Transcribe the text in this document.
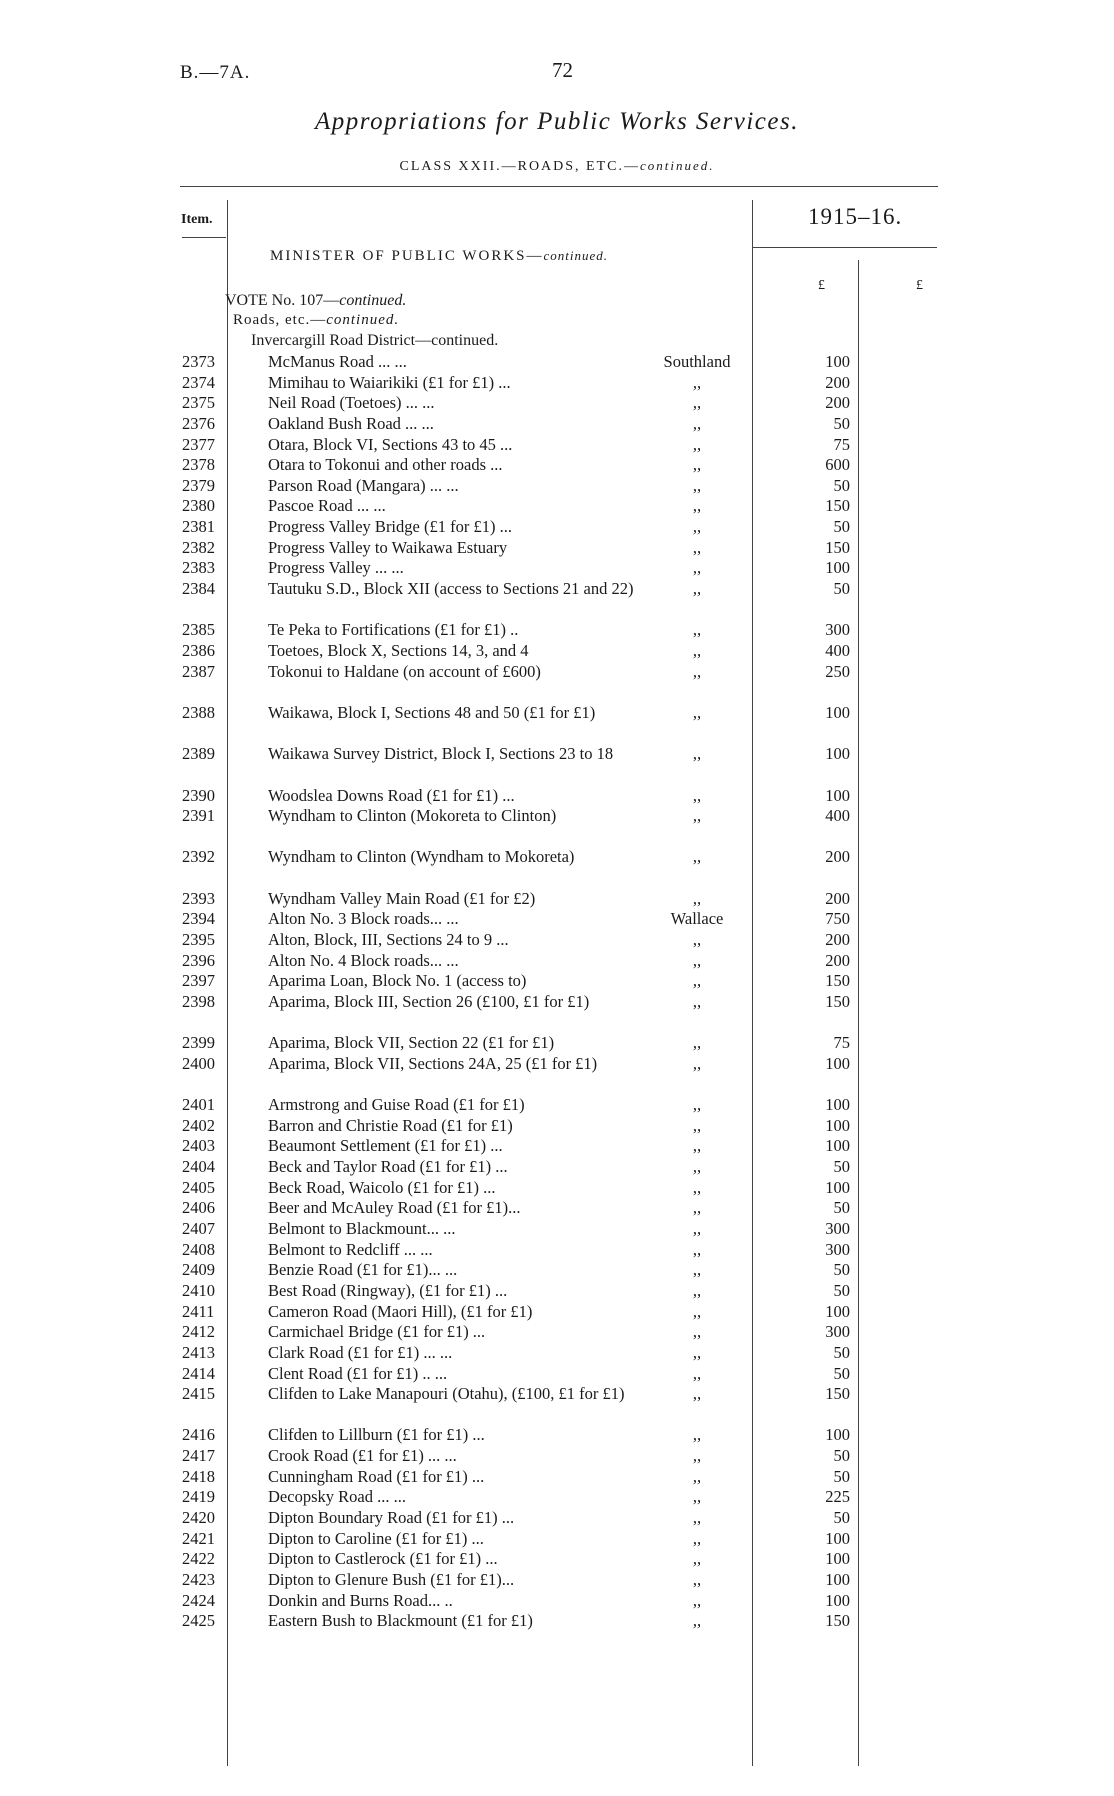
B.—7A.	72
Appropriations for Public Works Services.
CLASS XXII.—ROADS, ETC.—continued.
Item.	1915–16.
£	£
MINISTER OF PUBLIC WORKS—continued.
VOTE No. 107—continued.
Roads, etc.—continued.
Invercargill Road District—continued.
2373	McManus Road ... ...	Southland	100
2374	Mimihau to Waiarikiki (£1 for £1) ...	,,	200
2375	Neil Road (Toetoes) ... ...	,,	200
2376	Oakland Bush Road ... ...	,,	50
2377	Otara, Block VI, Sections 43 to 45 ...	,,	75
2378	Otara to Tokonui and other roads ...	,,	600
2379	Parson Road (Mangara) ... ...	,,	50
2380	Pascoe Road ... ...	,,	150
2381	Progress Valley Bridge (£1 for £1) ...	,,	50
2382	Progress Valley to Waikawa Estuary	,,	150
2383	Progress Valley ... ...	,,	100
2384	Tautuku S.D., Block XII (access to Sections 21 and 22)	,,	50
2385	Te Peka to Fortifications (£1 for £1) ..	,,	300
2386	Toetoes, Block X, Sections 14, 3, and 4	,,	400
2387	Tokonui to Haldane (on account of £600)	,,	250
2388	Waikawa, Block I, Sections 48 and 50 (£1 for £1)	,,	100
2389	Waikawa Survey District, Block I, Sections 23 to 18	,,	100
2390	Woodslea Downs Road (£1 for £1) ...	,,	100
2391	Wyndham to Clinton (Mokoreta to Clinton)	,,	400
2392	Wyndham to Clinton (Wyndham to Mokoreta)	,,	200
2393	Wyndham Valley Main Road (£1 for £2)	,,	200
2394	Alton No. 3 Block roads... ...	Wallace	750
2395	Alton, Block, III, Sections 24 to 9 ...	,,	200
2396	Alton No. 4 Block roads... ...	,,	200
2397	Aparima Loan, Block No. 1 (access to)	,,	150
2398	Aparima, Block III, Section 26 (£100, £1 for £1)	,,	150
2399	Aparima, Block VII, Section 22 (£1 for £1)	,,	75
2400	Aparima, Block VII, Sections 24A, 25 (£1 for £1)	,,	100
2401	Armstrong and Guise Road (£1 for £1)	,,	100
2402	Barron and Christie Road (£1 for £1)	,,	100
2403	Beaumont Settlement (£1 for £1) ...	,,	100
2404	Beck and Taylor Road (£1 for £1) ...	,,	50
2405	Beck Road, Waicolo (£1 for £1) ...	,,	100
2406	Beer and McAuley Road (£1 for £1)...	,,	50
2407	Belmont to Blackmount... ...	,,	300
2408	Belmont to Redcliff ... ...	,,	300
2409	Benzie Road (£1 for £1)... ...	,,	50
2410	Best Road (Ringway), (£1 for £1) ...	,,	50
2411	Cameron Road (Maori Hill), (£1 for £1)	,,	100
2412	Carmichael Bridge (£1 for £1) ...	,,	300
2413	Clark Road (£1 for £1) ... ...	,,	50
2414	Clent Road (£1 for £1) .. ...	,,	50
2415	Clifden to Lake Manapouri (Otahu), (£100, £1 for £1)	,,	150
2416	Clifden to Lillburn (£1 for £1) ...	,,	100
2417	Crook Road (£1 for £1) ... ...	,,	50
2418	Cunningham Road (£1 for £1) ...	,,	50
2419	Decopsky Road ... ...	,,	225
2420	Dipton Boundary Road (£1 for £1) ...	,,	50
2421	Dipton to Caroline (£1 for £1) ...	,,	100
2422	Dipton to Castlerock (£1 for £1) ...	,,	100
2423	Dipton to Glenure Bush (£1 for £1)...	,,	100
2424	Donkin and Burns Road... ..	,,	100
2425	Eastern Bush to Blackmount (£1 for £1)	,,	150
